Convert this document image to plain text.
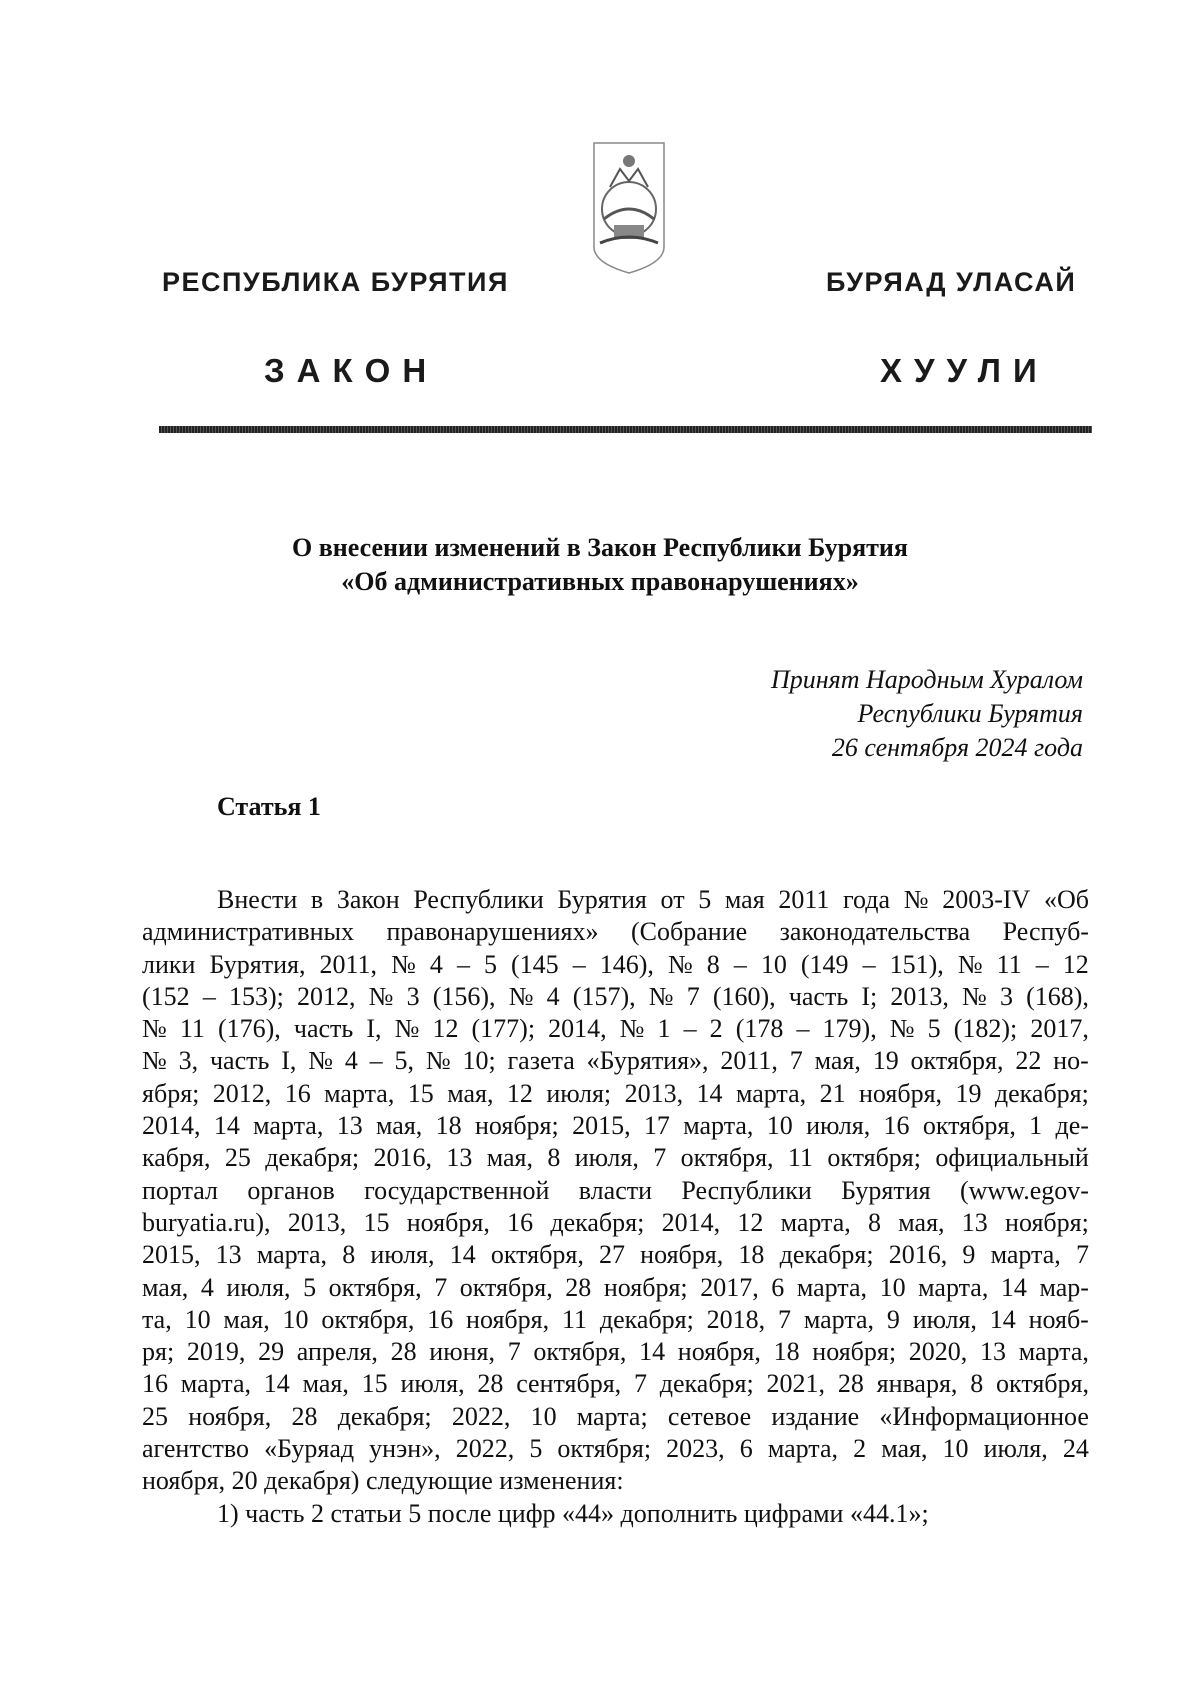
РЕСПУБЛИКА БУРЯТИЯ	БУРЯАД УЛАСАЙ
ЗАКОН	ХУУЛИ
О внесении изменений в Закон Республики Бурятия
«Об административных правонарушениях»
Принят Народным Хуралом
Республики Бурятия
26 сентября 2024 года
Статья 1
Внести в Закон Республики Бурятия от 5 мая 2011 года № 2003-IV «Об
административных правонарушениях» (Собрание законодательства Респуб-
лики Бурятия, 2011, № 4 – 5 (145 – 146), № 8 – 10 (149 – 151), № 11 – 12
(152 – 153); 2012, № 3 (156), № 4 (157), № 7 (160), часть I; 2013, № 3 (168),
№ 11 (176), часть I, № 12 (177); 2014, № 1 – 2 (178 – 179), № 5 (182); 2017,
№ 3, часть I, № 4 – 5, № 10; газета «Бурятия», 2011, 7 мая, 19 октября, 22 но-
ября; 2012, 16 марта, 15 мая, 12 июля; 2013, 14 марта, 21 ноября, 19 декабря;
2014, 14 марта, 13 мая, 18 ноября; 2015, 17 марта, 10 июля, 16 октября, 1 де-
кабря, 25 декабря; 2016, 13 мая, 8 июля, 7 октября, 11 октября; официальный
портал органов государственной власти Республики Бурятия (www.egov-
buryatia.ru), 2013, 15 ноября, 16 декабря; 2014, 12 марта, 8 мая, 13 ноября;
2015, 13 марта, 8 июля, 14 октября, 27 ноября, 18 декабря; 2016, 9 марта, 7
мая, 4 июля, 5 октября, 7 октября, 28 ноября; 2017, 6 марта, 10 марта, 14 мар-
та, 10 мая, 10 октября, 16 ноября, 11 декабря; 2018, 7 марта, 9 июля, 14 нояб-
ря; 2019, 29 апреля, 28 июня, 7 октября, 14 ноября, 18 ноября; 2020, 13 марта,
16 марта, 14 мая, 15 июля, 28 сентября, 7 декабря; 2021, 28 января, 8 октября,
25 ноября, 28 декабря; 2022, 10 марта; сетевое издание «Информационное
агентство «Буряад унэн», 2022, 5 октября; 2023, 6 марта, 2 мая, 10 июля, 24
ноября, 20 декабря) следующие изменения:
1) часть 2 статьи 5 после цифр «44» дополнить цифрами «44.1»;
